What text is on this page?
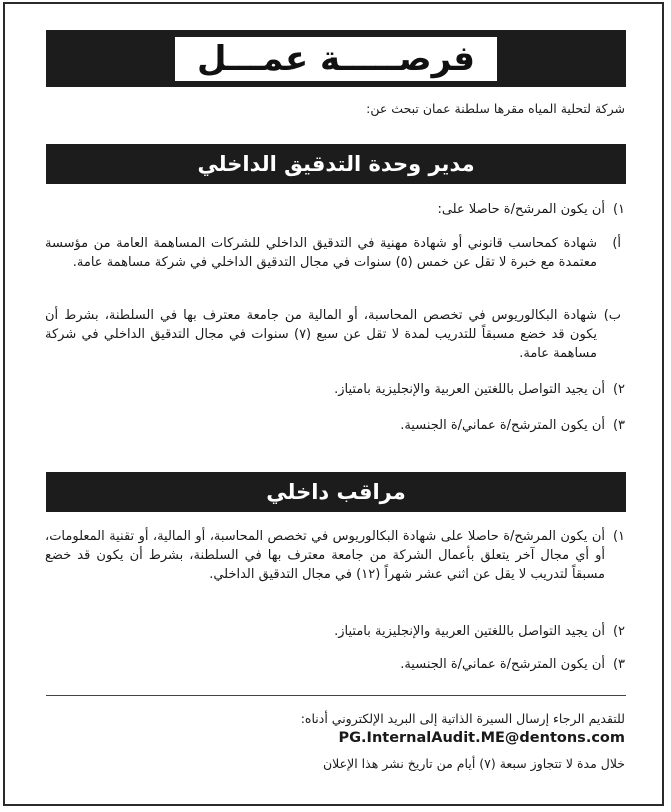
فرصـــــة عمـــل
شركة لتحلية المياه مقرها سلطنة عمان تبحث عن:
مدير وحدة التدقيق الداخلي
١)
أن يكون المرشح/ة حاصلا على:
أ)
شهادة كمحاسب قانوني أو شهادة مهنية في التدقيق الداخلي للشركات المساهمة العامة من مؤسسة معتمدة مع خبرة لا تقل عن خمس (٥) سنوات في مجال التدقيق الداخلي في شركة مساهمة عامة.
ب)
شهادة البكالوريوس في تخصص المحاسبة، أو المالية من جامعة معترف بها في السلطنة، بشرط أن يكون قد خضع مسبقاً للتدريب لمدة لا تقل عن سبع (٧) سنوات في مجال التدقيق الداخلي في شركة مساهمة عامة.
٢)
أن يجيد التواصل باللغتين العربية والإنجليزية بامتياز.
٣)
أن يكون المترشح/ة عماني/ة الجنسية.
مراقب داخلي
١)
أن يكون المرشح/ة حاصلا على شهادة البكالوريوس في تخصص المحاسبة، أو المالية، أو تقنية المعلومات، أو أي مجال آخر يتعلق بأعمال الشركة من جامعة معترف بها في السلطنة، بشرط أن يكون قد خضع مسبقاً لتدريب لا يقل عن اثني عشر شهراً (١٢) في مجال التدقيق الداخلي.
٢)
أن يجيد التواصل باللغتين العربية والإنجليزية بامتياز.
٣)
أن يكون المترشح/ة عماني/ة الجنسية.
للتقديم الرجاء إرسال السيرة الذاتية إلى البريد الإلكتروني أدناه:
PG.InternalAudit.ME@dentons.com
خلال مدة لا تتجاوز سبعة (٧) أيام من تاريخ نشر هذا الإعلان
